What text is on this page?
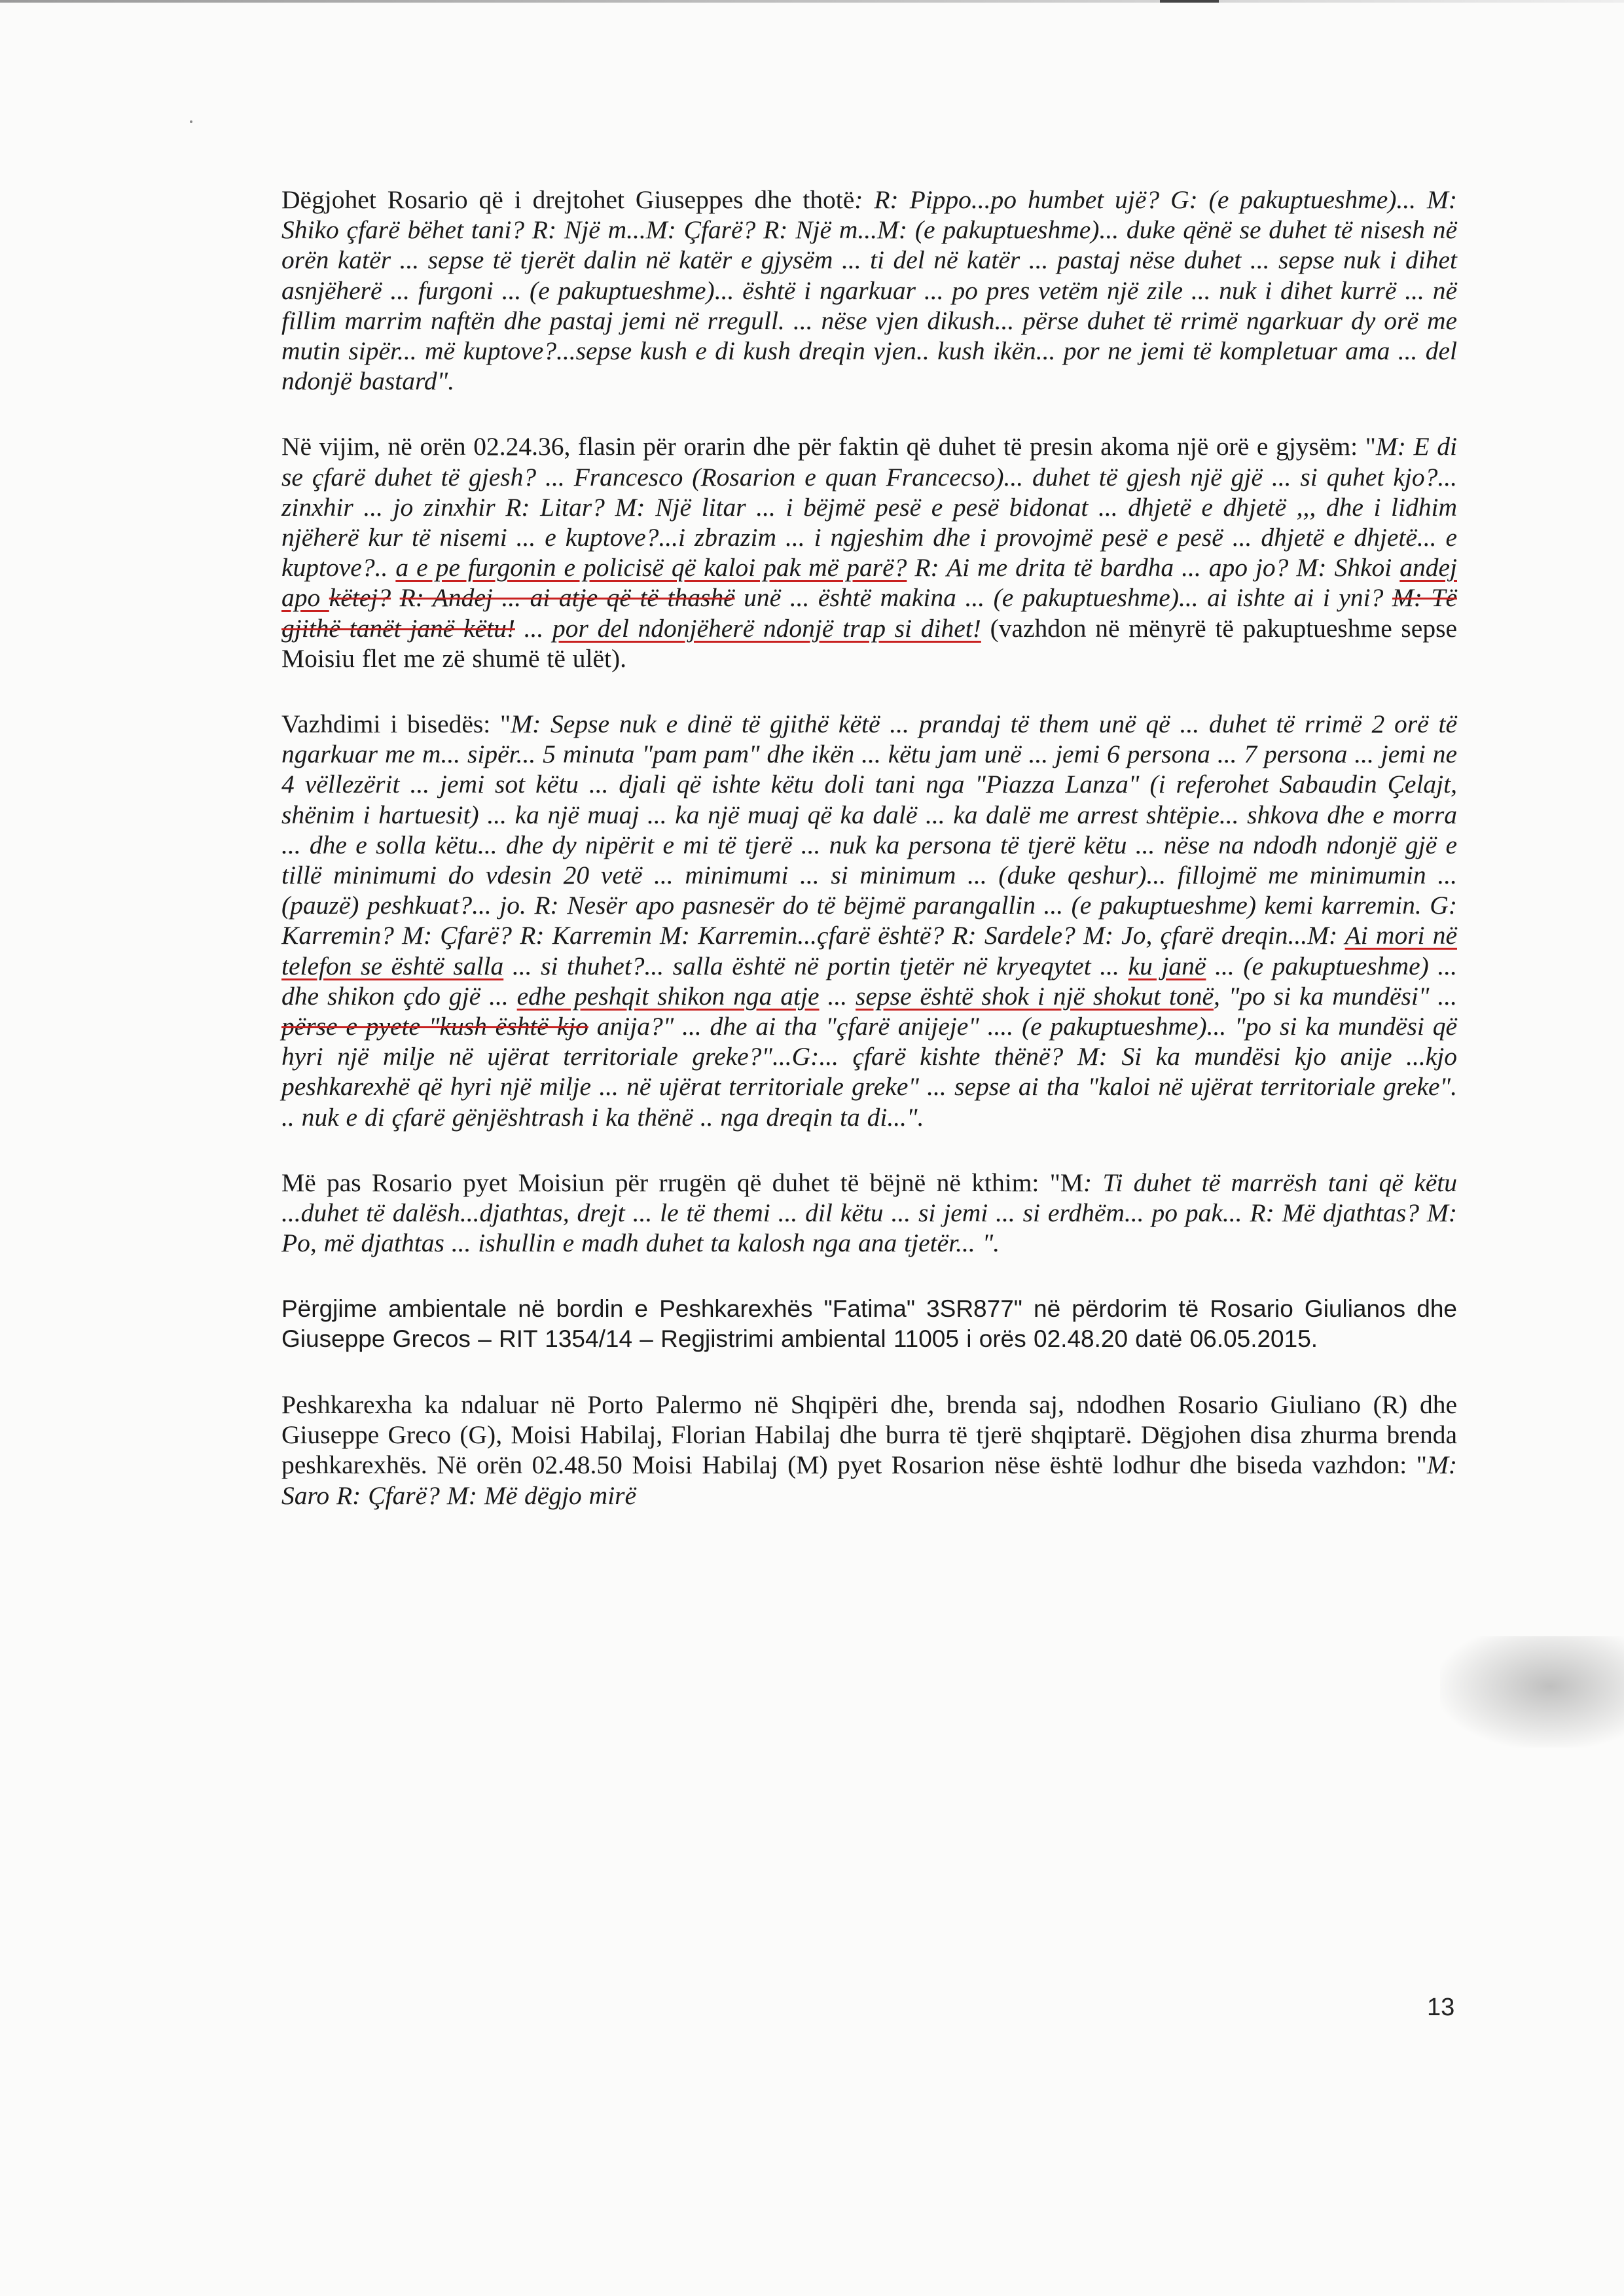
Dëgjohet Rosario që i drejtohet Giuseppes dhe thotë: R: Pippo...po humbet ujë? G: (e pakuptueshme)... M: Shiko çfarë bëhet tani? R: Një m...M: Çfarë? R: Një m...M: (e pakuptueshme)... duke qënë se duhet të nisesh në orën katër ... sepse të tjerët dalin në katër e gjysëm ... ti del në katër ... pastaj nëse duhet ... sepse nuk i dihet asnjëherë ... furgoni ... (e pakuptueshme)... është i ngarkuar ... po pres vetëm një zile ... nuk i dihet kurrë ... në fillim marrim naftën dhe pastaj jemi në rregull. ... nëse vjen dikush... përse duhet të rrimë ngarkuar dy orë me mutin sipër... më kuptove?...sepse kush e di kush dreqin vjen.. kush ikën... por ne jemi të kompletuar ama ... del ndonjë bastard".

Në vijim, në orën 02.24.36, flasin për orarin dhe për faktin që duhet të presin akoma një orë e gjysëm: "M: E di se çfarë duhet të gjesh? ... Francesco (Rosarion e quan Francecso)... duhet të gjesh një gjë ... si quhet kjo?... zinxhir ... jo zinxhir R: Litar? M: Një litar ... i bëjmë pesë e pesë bidonat ... dhjetë e dhjetë ,,, dhe i lidhim njëherë kur të nisemi ... e kuptove?...i zbrazim ... i ngjeshim dhe i provojmë pesë e pesë ... dhjetë e dhjetë... e kuptove?.. a e pe furgonin e policisë që kaloi pak më parë? R: Ai me drita të bardha ... apo jo? M: Shkoi andej apo këtej? R: Andej ... ai atje që të thashë unë ... është makina ... (e pakuptueshme)... ai ishte ai i yni? M: Të gjithë tanët janë këtu! ... por del ndonjëherë ndonjë trap si dihet! (vazhdon në mënyrë të pakuptueshme sepse Moisiu flet me zë shumë të ulët).

Vazhdimi i bisedës: "M: Sepse nuk e dinë të gjithë këtë ... prandaj të them unë që ... duhet të rrimë 2 orë të ngarkuar me m... sipër... 5 minuta "pam pam" dhe ikën ... këtu jam unë ... jemi 6 persona ... 7 persona ... jemi ne 4 vëllezërit ... jemi sot këtu ... djali që ishte këtu doli tani nga "Piazza Lanza" (i referohet Sabaudin Çelajt, shënim i hartuesit) ... ka një muaj ... ka një muaj që ka dalë ... ka dalë me arrest shtëpie... shkova dhe e morra ... dhe e solla këtu... dhe dy nipërit e mi të tjerë ... nuk ka persona të tjerë këtu ... nëse na ndodh ndonjë gjë e tillë minimumi do vdesin 20 vetë ... minimumi ... si minimum ... (duke qeshur)... fillojmë me minimumin ... (pauzë) peshkuat?... jo. R: Nesër apo pasnesër do të bëjmë parangallin ... (e pakuptueshme) kemi karremin. G: Karremin? M: Çfarë? R: Karremin M: Karremin...çfarë është? R: Sardele? M: Jo, çfarë dreqin...M: Ai mori në telefon se është salla ... si thuhet?... salla është në portin tjetër në kryeqytet ... ku janë ... (e pakuptueshme) ... dhe shikon çdo gjë ... edhe peshqit shikon nga atje ... sepse është shok i një shokut tonë, "po si ka mundësi" ... përse e pyete "kush është kjo anija?" ... dhe ai tha "çfarë anijeje" .... (e pakuptueshme)... "po si ka mundësi që hyri një milje në ujërat territoriale greke?"...G:... çfarë kishte thënë? M: Si ka mundësi kjo anije ...kjo peshkarexhë që hyri një milje ... në ujërat territoriale greke" ... sepse ai tha "kaloi në ujërat territoriale greke". .. nuk e di çfarë gënjështrash i ka thënë .. nga dreqin ta di...".

Më pas Rosario pyet Moisiun për rrugën që duhet të bëjnë në kthim: "M: Ti duhet të marrësh tani që këtu ...duhet të dalësh...djathtas, drejt ... le të themi ... dil këtu ... si jemi ... si erdhëm... po pak... R: Më djathtas? M: Po, më djathtas ... ishullin e madh duhet ta kalosh nga ana tjetër... ".

Përgjime ambientale në bordin e Peshkarexhës "Fatima" 3SR877" në përdorim të Rosario Giulianos dhe Giuseppe Grecos – RIT 1354/14 – Regjistrimi ambiental 11005 i orës 02.48.20 datë 06.05.2015.

Peshkarexha ka ndaluar në Porto Palermo në Shqipëri dhe, brenda saj, ndodhen Rosario Giuliano (R) dhe Giuseppe Greco (G), Moisi Habilaj, Florian Habilaj dhe burra të tjerë shqiptarë. Dëgjohen disa zhurma brenda peshkarexhës. Në orën 02.48.50 Moisi Habilaj (M) pyet Rosarion nëse është lodhur dhe biseda vazhdon: "M: Saro R: Çfarë? M: Më dëgjo mirë

13
